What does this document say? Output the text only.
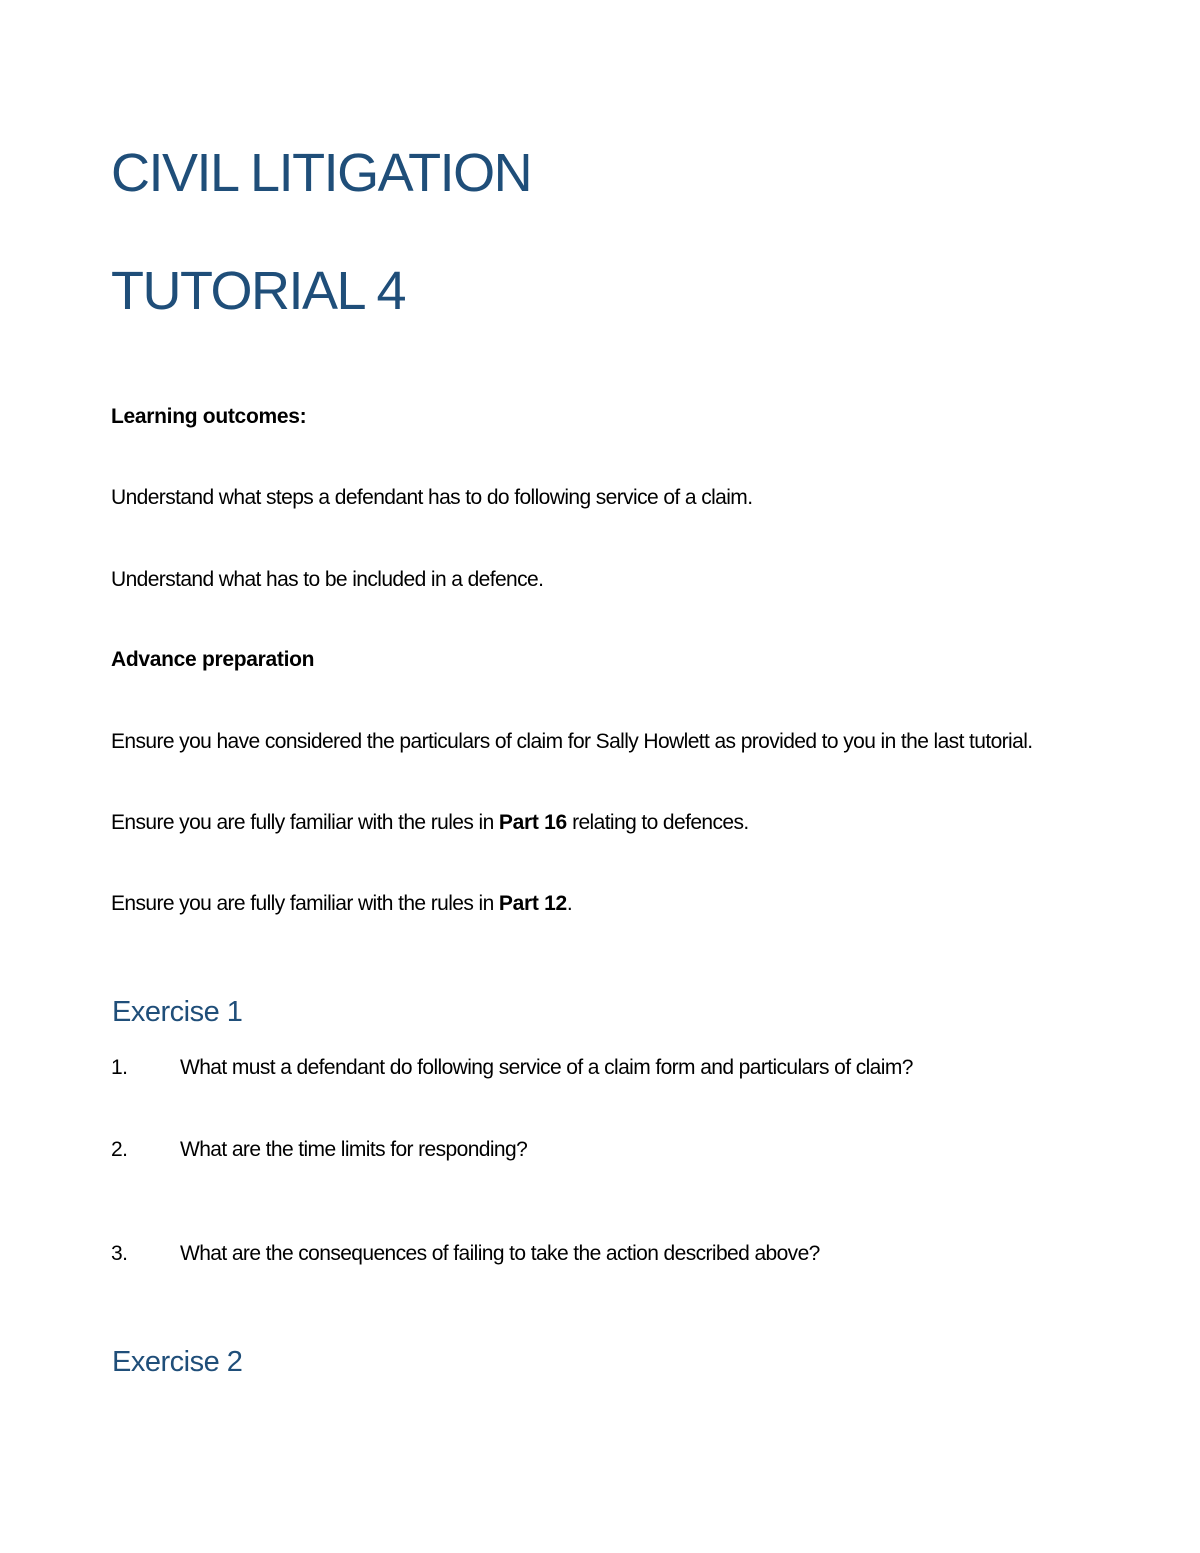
CIVIL LITIGATION
TUTORIAL 4
Learning outcomes:

Understand what steps a defendant has to do following service of a claim.

Understand what has to be included in a defence.

Advance preparation

Ensure you have considered the particulars of claim for Sally Howlett as provided to you in the last tutorial.

Ensure you are fully familiar with the rules in Part 16 relating to defences.

Ensure you are fully familiar with the rules in Part 12.

Exercise 1
1.	What must a defendant do following service of a claim form and particulars of claim?
2.	What are the time limits for responding?
3.	What are the consequences of failing to take the action described above?
Exercise 2
